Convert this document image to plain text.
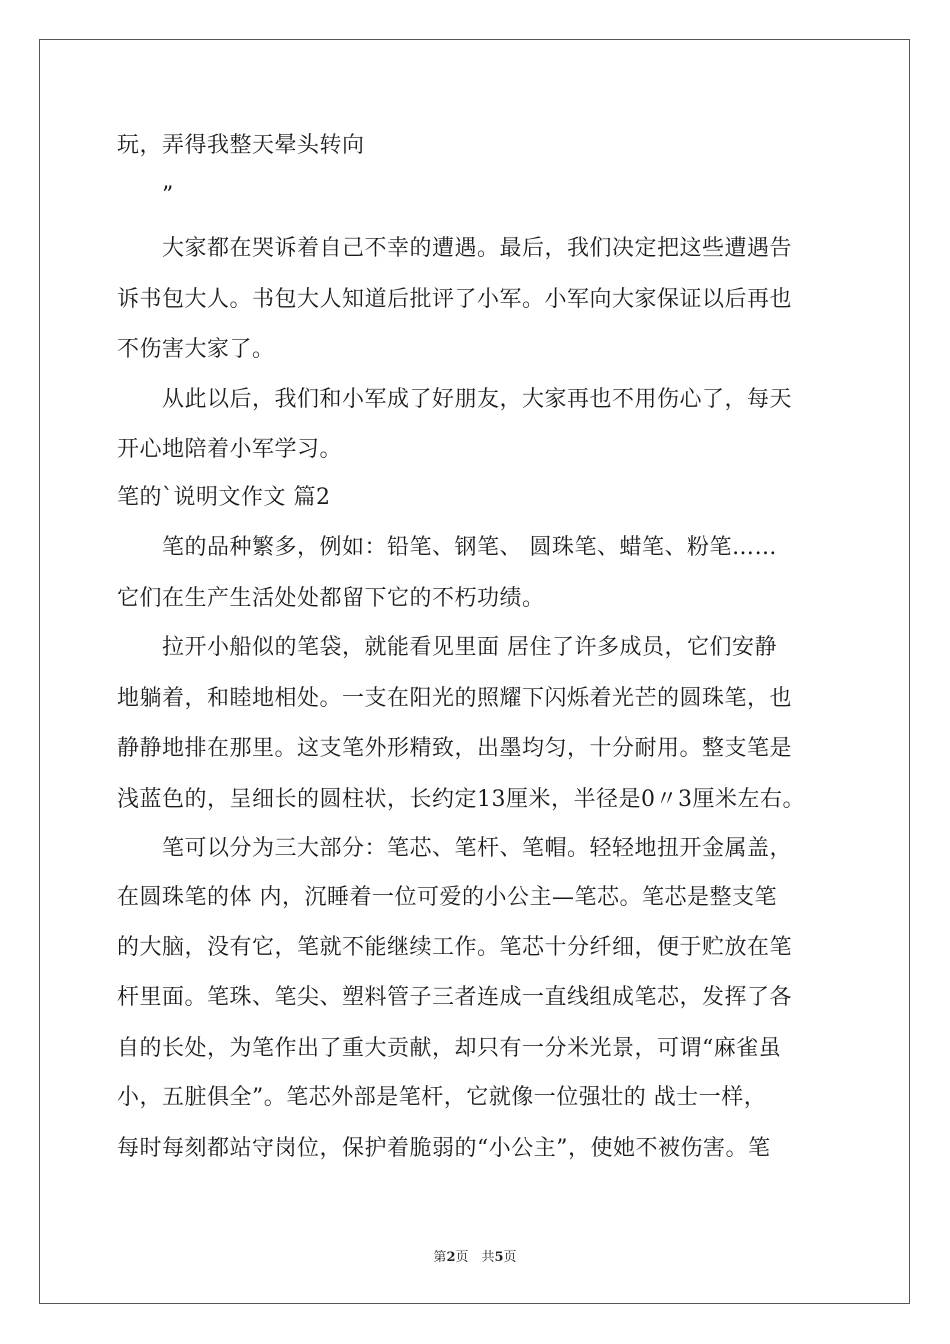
玩，弄得我整天晕头转向
　　”
　　大家都在哭诉着自己不幸的遭遇。最后，我们决定把这些遭遇告
诉书包大人。书包大人知道后批评了小军。小军向大家保证以后再也
不伤害大家了。
　　从此以后，我们和小军成了好朋友，大家再也不用伤心了，每天
开心地陪着小军学习。
笔的`说明文作文 篇2
　　笔的品种繁多，例如：铅笔、钢笔、 圆珠笔、蜡笔、粉笔……
它们在生产生活处处都留下它的不朽功绩。
　　拉开小船似的笔袋，就能看见里面 居住了许多成员，它们安静
地躺着，和睦地相处。一支在阳光的照耀下闪烁着光芒的圆珠笔，也
静静地排在那里。这支笔外形精致，出墨均匀，十分耐用。整支笔是
浅蓝色的，呈细长的圆柱状，长约定13厘米，半径是0〃3厘米左右。
　　笔可以分为三大部分：笔芯、笔杆、笔帽。轻轻地扭开金属盖，
在圆珠笔的体 内，沉睡着一位可爱的小公主—笔芯。笔芯是整支笔
的大脑，没有它，笔就不能继续工作。笔芯十分纤细，便于贮放在笔
杆里面。笔珠、笔尖、塑料管子三者连成一直线组成笔芯，发挥了各
自的长处，为笔作出了重大贡献，却只有一分米光景，可谓“麻雀虽
小，五脏俱全”。笔芯外部是笔杆，它就像一位强壮的 战士一样，
每时每刻都站守岗位，保护着脆弱的“小公主”，使她不被伤害。笔
第2页　共5页
